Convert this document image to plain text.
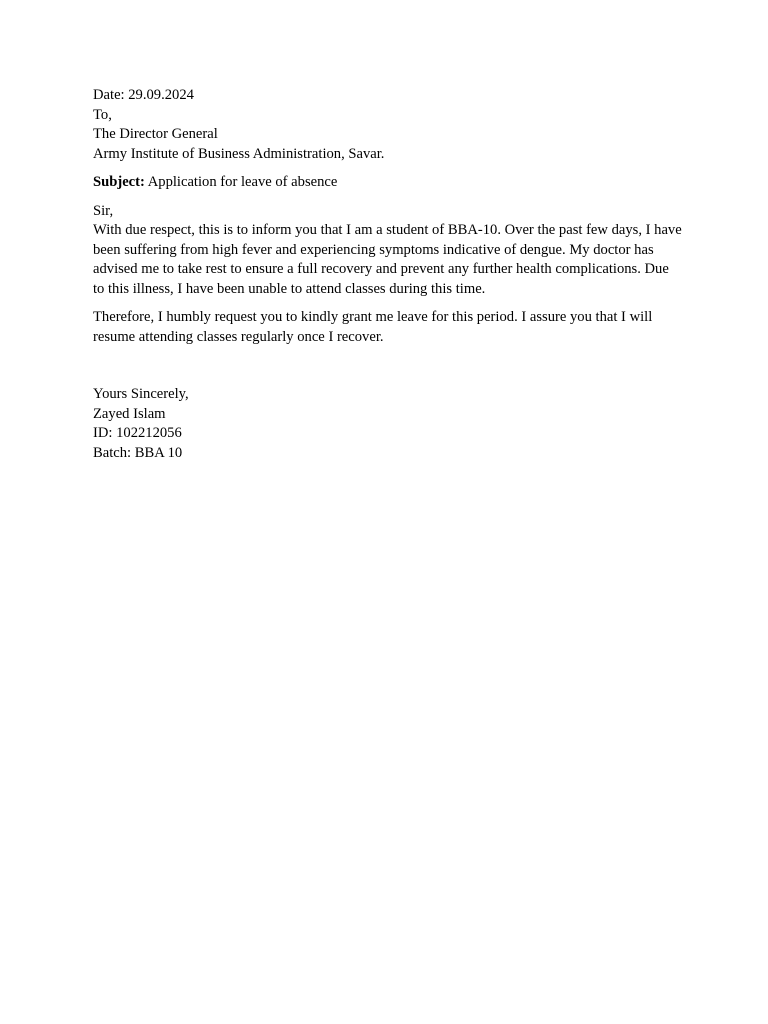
Date: 29.09.2024
To,
The Director General
Army Institute of Business Administration, Savar.
Subject: Application for leave of absence
Sir,
With due respect, this is to inform you that I am a student of BBA-10. Over the past few days, I have been suffering from high fever and experiencing symptoms indicative of dengue. My doctor has advised me to take rest to ensure a full recovery and prevent any further health complications. Due to this illness, I have been unable to attend classes during this time.
Therefore, I humbly request you to kindly grant me leave for this period. I assure you that I will resume attending classes regularly once I recover.
Yours Sincerely,
Zayed Islam
ID: 102212056
Batch: BBA 10
